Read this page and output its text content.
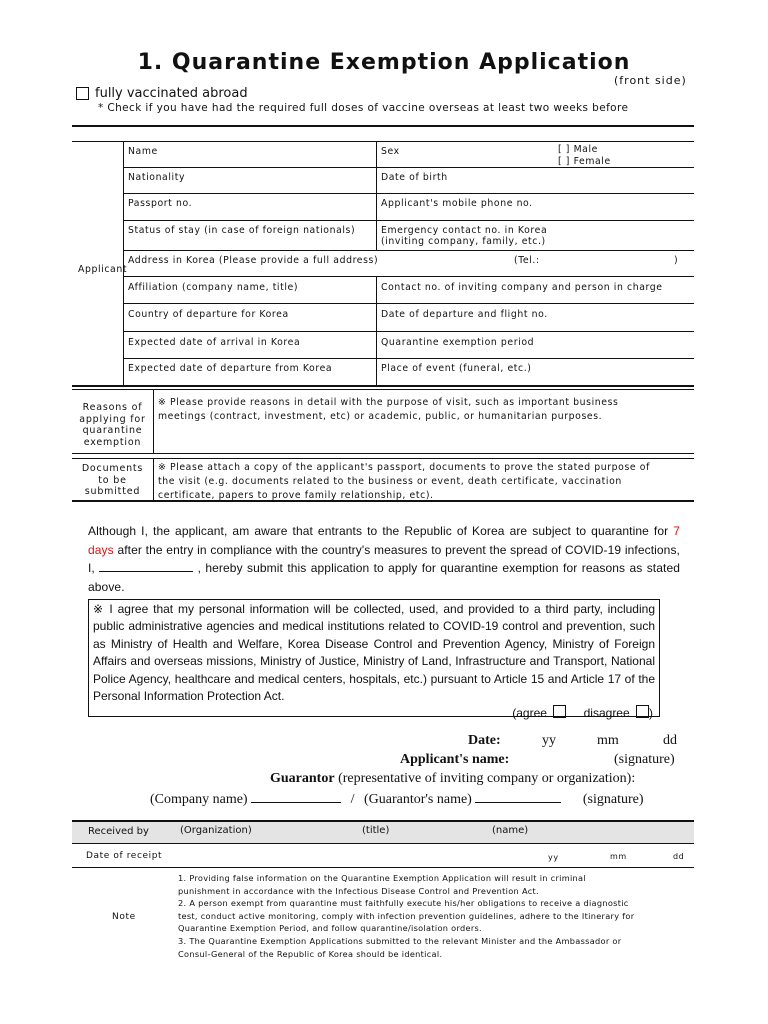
1. Quarantine Exemption Application
(front side)
fully vaccinated abroad
* Check if you have had the required full doses of vaccine overseas at least two weeks before
Applicant
Name	Sex	[ ] Male
[ ] Female
Nationality	Date of birth
Passport no.	Applicant's mobile phone no.
Status of stay (in case of foreign nationals)	Emergency contact no. in Korea
(inviting company, family, etc.)
Address in Korea (Please provide a full address)	(Tel.:	)
Affiliation (company name, title)	Contact no. of inviting company and person in charge
Country of departure for Korea	Date of departure and flight no.
Expected date of arrival in Korea	Quarantine exemption period
Expected date of departure from Korea	Place of event (funeral, etc.)
Reasons of
applying for
quarantine
exemption
※ Please provide reasons in detail with the purpose of visit, such as important business
meetings (contract, investment, etc) or academic, public, or humanitarian purposes.
Documents
to be
submitted
※ Please attach a copy of the applicant's passport, documents to prove the stated purpose of
the visit (e.g. documents related to the business or event, death certificate, vaccination
certificate, papers to prove family relationship, etc).
Although I, the applicant, am aware that entrants to the Republic of Korea are subject to quarantine for 7 days after the entry in compliance with the country's measures to prevent the spread of COVID-19 infections, I,	, hereby submit this application to apply for quarantine exemption for reasons as stated above.
※ I agree that my personal information will be collected, used, and provided to a third party, including public administrative agencies and medical institutions related to COVID-19 control and prevention, such as Ministry of Health and Welfare, Korea Disease Control and Prevention Agency, Ministry of Foreign Affairs and overseas missions, Ministry of Justice, Ministry of Land, Infrastructure and Transport, National Police Agency, healthcare and medical centers, hospitals, etc.) pursuant to Article 15 and Article 17 of the Personal Information Protection Act.
(agree	disagree )
Date:	yy	mm	dd
Applicant's name:	(signature)
Guarantor (representative of inviting company or organization):
(Company name)	/ (Guarantor's name)	(signature)
Received by	(Organization)	(title)	(name)
Date of receipt	yy	mm	dd
Note
1. Providing false information on the Quarantine Exemption Application will result in criminal
punishment in accordance with the Infectious Disease Control and Prevention Act.
2. A person exempt from quarantine must faithfully execute his/her obligations to receive a diagnostic
test, conduct active monitoring, comply with infection prevention guidelines, adhere to the Itinerary for
Quarantine Exemption Period, and follow quarantine/isolation orders.
3. The Quarantine Exemption Applications submitted to the relevant Minister and the Ambassador or
Consul-General of the Republic of Korea should be identical.
